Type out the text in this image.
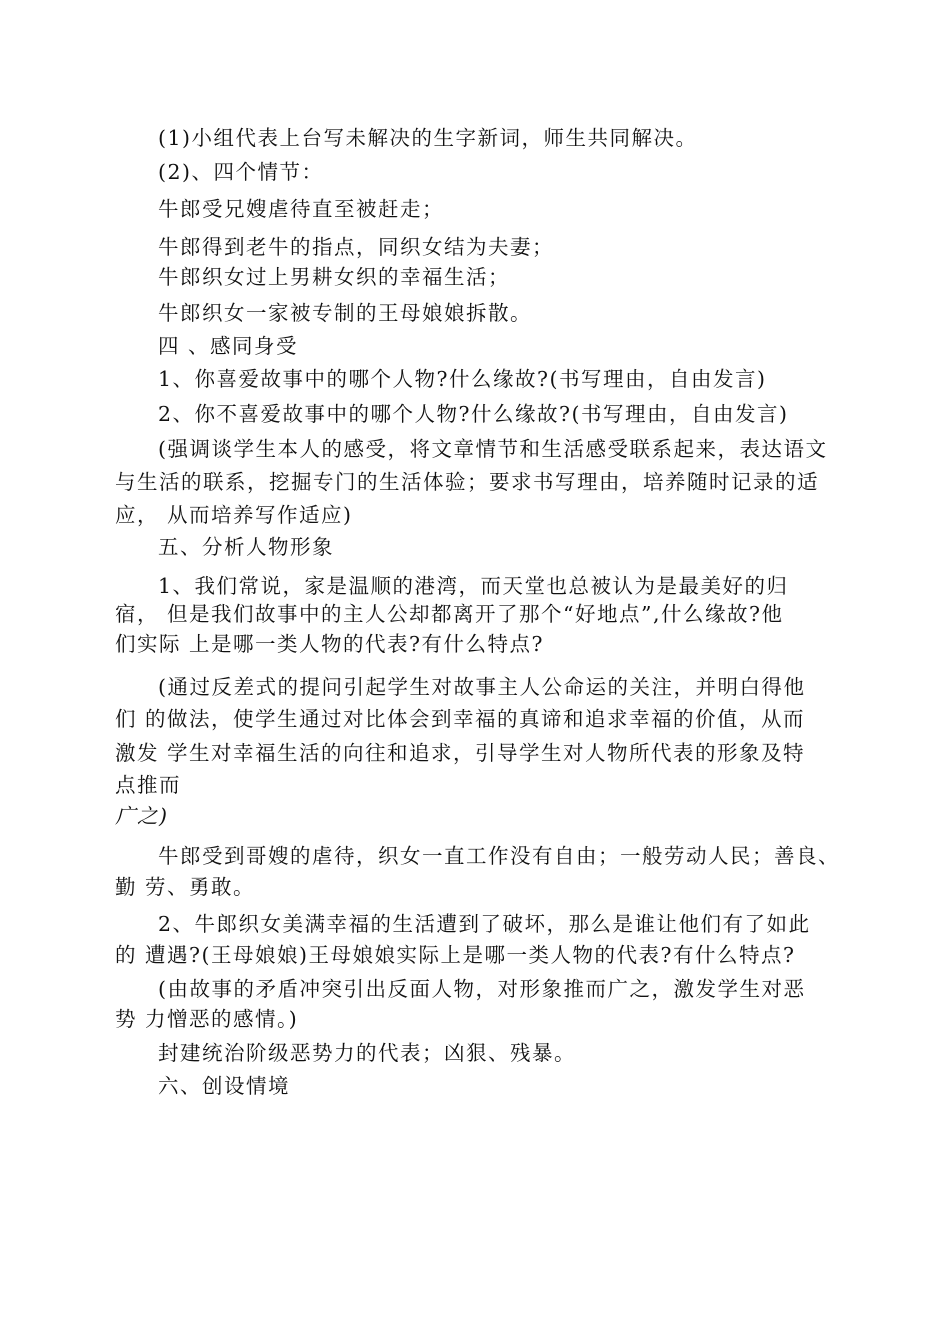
(1)小组代表上台写未解决的生字新词，师生共同解决。
(2)、四个情节：
牛郎受兄嫂虐待直至被赶走；
牛郎得到老牛的指点，同织女结为夫妻；
牛郎织女过上男耕女织的幸福生活；
牛郎织女一家被专制的王母娘娘拆散。
四 、感同身受
1、你喜爱故事中的哪个人物?什么缘故?(书写理由，自由发言)
2、你不喜爱故事中的哪个人物?什么缘故?(书写理由，自由发言)
(强调谈学生本人的感受，将文章情节和生活感受联系起来，表达语文
与生活的联系，挖掘专门的生活体验；要求书写理由，培养随时记录的适
应， 从而培养写作适应)
五、分析人物形象
1、我们常说，家是温顺的港湾，而天堂也总被认为是最美好的归
宿， 但是我们故事中的主人公却都离开了那个“好地点”,什么缘故?他
们实际 上是哪一类人物的代表?有什么特点?
(通过反差式的提问引起学生对故事主人公命运的关注，并明白得他
们 的做法，使学生通过对比体会到幸福的真谛和追求幸福的价值，从而
激发 学生对幸福生活的向往和追求，引导学生对人物所代表的形象及特
点推而
广之)
牛郎受到哥嫂的虐待，织女一直工作没有自由；一般劳动人民；善良、
勤 劳、勇敢。
2、牛郎织女美满幸福的生活遭到了破坏，那么是谁让他们有了如此
的 遭遇?(王母娘娘)王母娘娘实际上是哪一类人物的代表?有什么特点?
(由故事的矛盾冲突引出反面人物，对形象推而广之，激发学生对恶
势 力憎恶的感情。)
封建统治阶级恶势力的代表；凶狠、残暴。
六、创设情境
